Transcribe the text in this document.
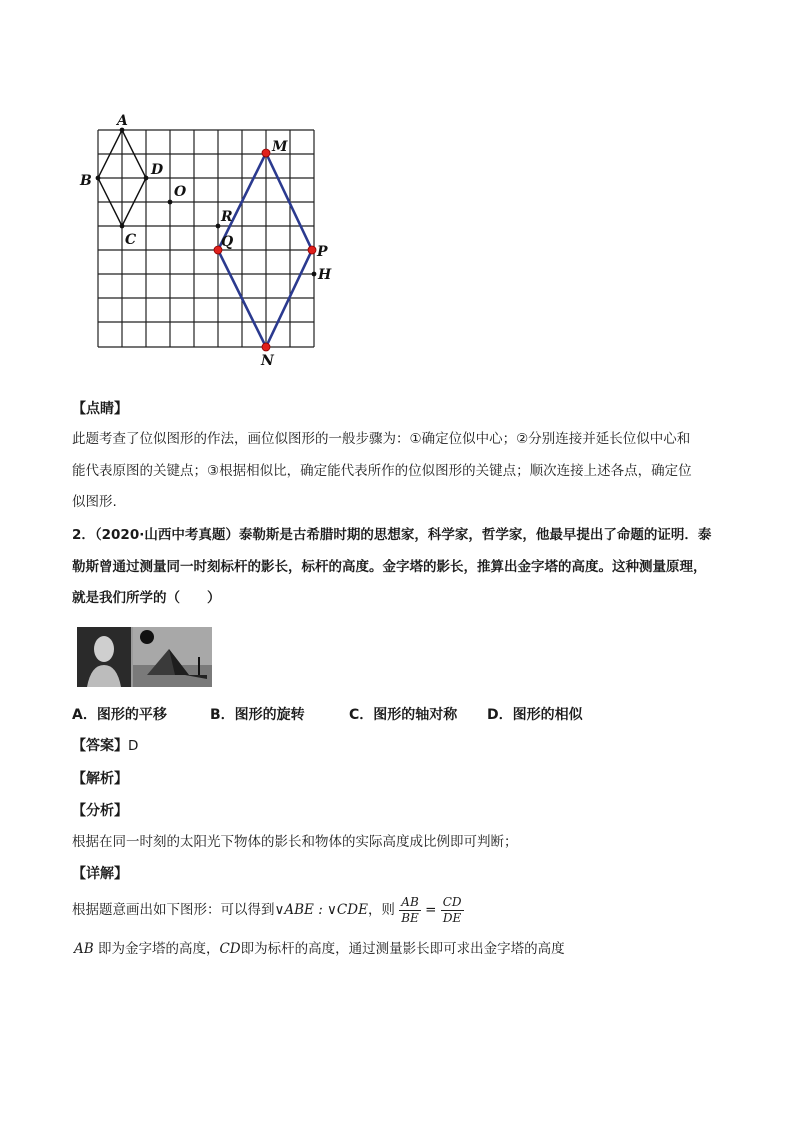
A
B
D
C
O
R
Q
M
P
H
N
【点睛】
此题考查了位似图形的作法，画位似图形的一般步骤为：①确定位似中心；②分别连接并延长位似中心和
能代表原图的关键点；③根据相似比，确定能代表所作的位似图形的关键点；顺次连接上述各点，确定位
似图形.
2．（2020·山西中考真题）泰勒斯是古希腊时期的思想家，科学家，哲学家，他最早提出了命题的证明．泰
勒斯曾通过测量同一时刻标杆的影长，标杆的高度。金字塔的影长，推算出金字塔的高度。这种测量原理，
就是我们所学的（　　）
A．图形的平移	B．图形的旋转	C．图形的轴对称 D．图形的相似
【答案】D
【解析】
【分析】
根据在同一时刻的太阳光下物体的影长和物体的实际高度成比例即可判断；
【详解】
根据题意画出如下图形：可以得到∨ABE : ∨CDE，则 $\frac{AB}{BE} = \frac{CD}{DE}$
AB 即为金字塔的高度，CD即为标杆的高度，通过测量影长即可求出金字塔的高度
